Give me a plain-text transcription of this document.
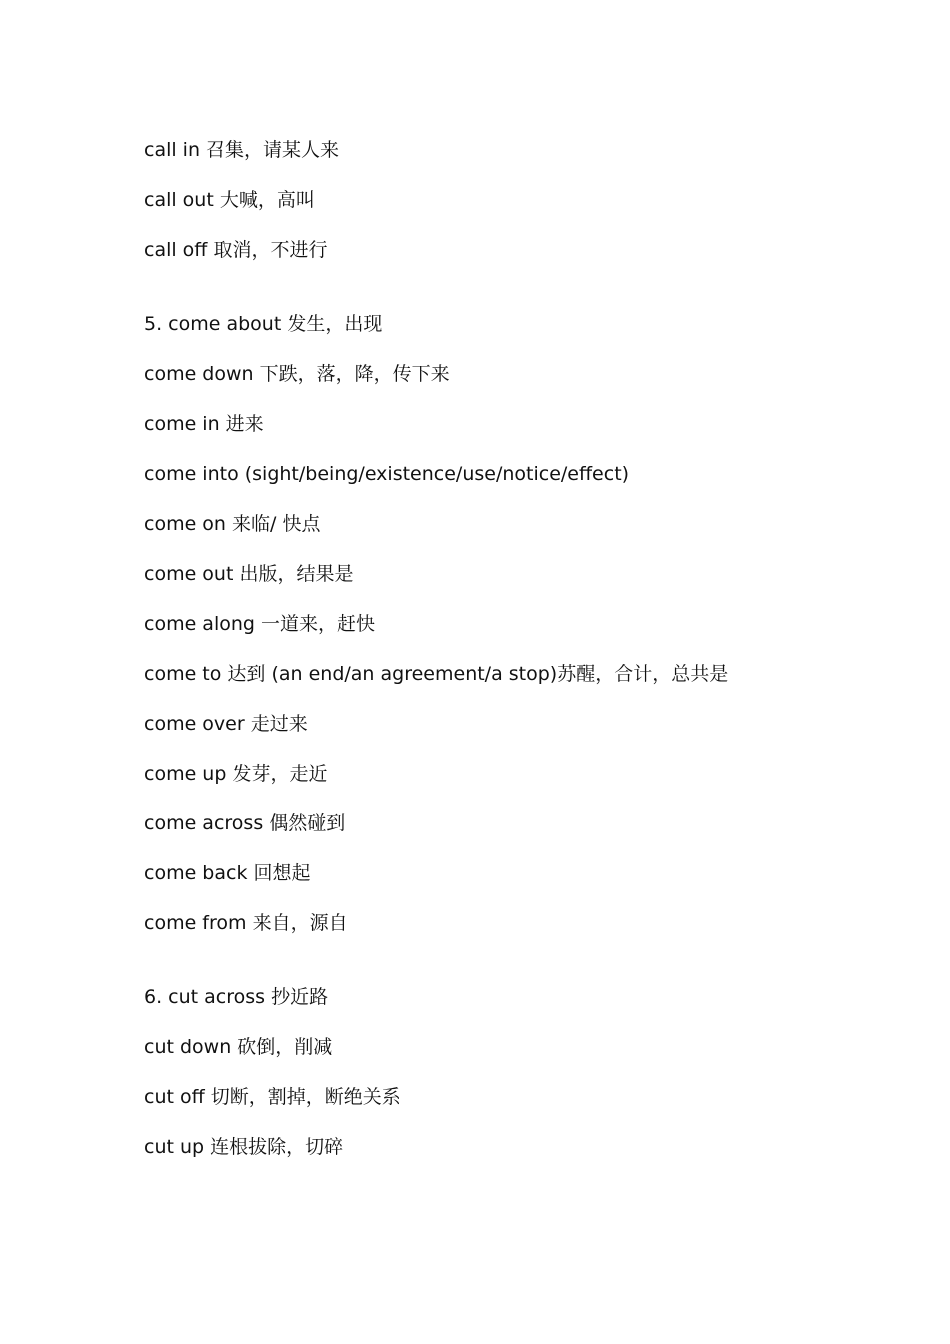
call in 召集，请某人来
call out 大喊，高叫
call off 取消，不进行
5. come about 发生，出现
come down 下跌，落，降，传下来
come in 进来
come into (sight/being/existence/use/notice/effect)
come on 来临/ 快点
come out 出版，结果是
come along 一道来，赶快
come to 达到 (an end/an agreement/a stop)苏醒，合计，总共是
come over 走过来
come up 发芽，走近
come across 偶然碰到
come back 回想起
come from 来自，源自
6. cut across 抄近路
cut down 砍倒，削减
cut off 切断，割掉，断绝关系
cut up 连根拔除，切碎
